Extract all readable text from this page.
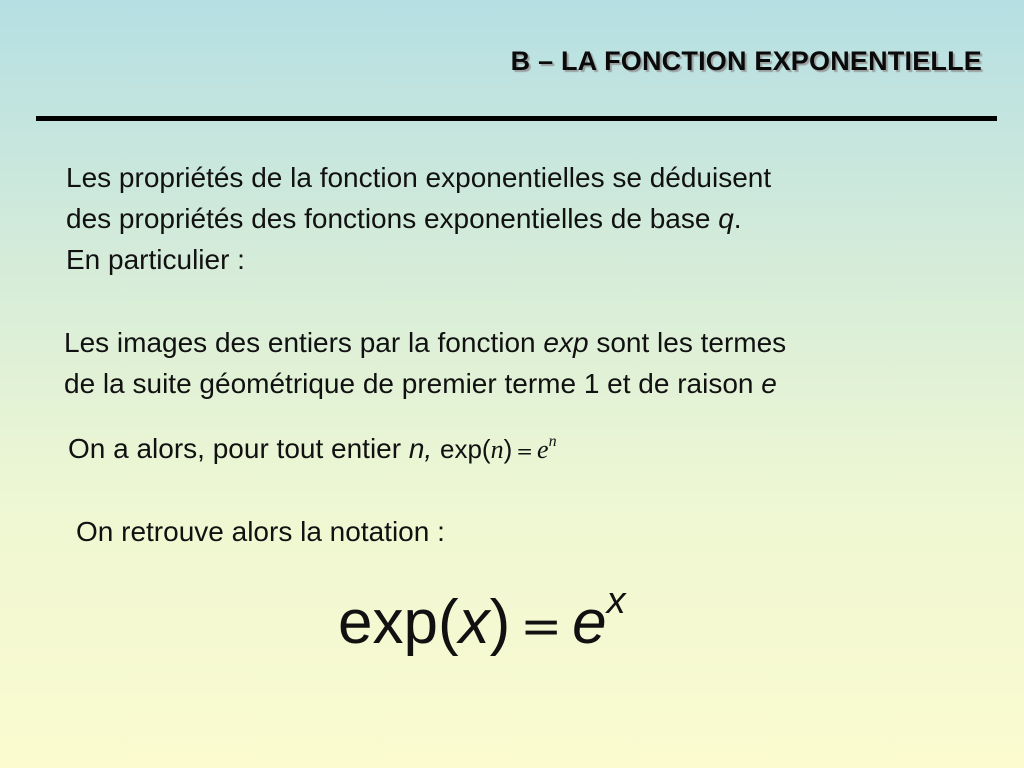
B – LA FONCTION EXPONENTIELLE
Les propriétés de la fonction exponentielles se déduisent
des propriétés des fonctions exponentielles de base q.
En particulier :
Les images des entiers par la fonction exp sont les termes
de la suite géométrique de premier terme 1 et de raison e
On a alors, pour tout entier n, $\exp(n) = e^n$
On retrouve alors la notation :
$\exp(x) = e^x$
